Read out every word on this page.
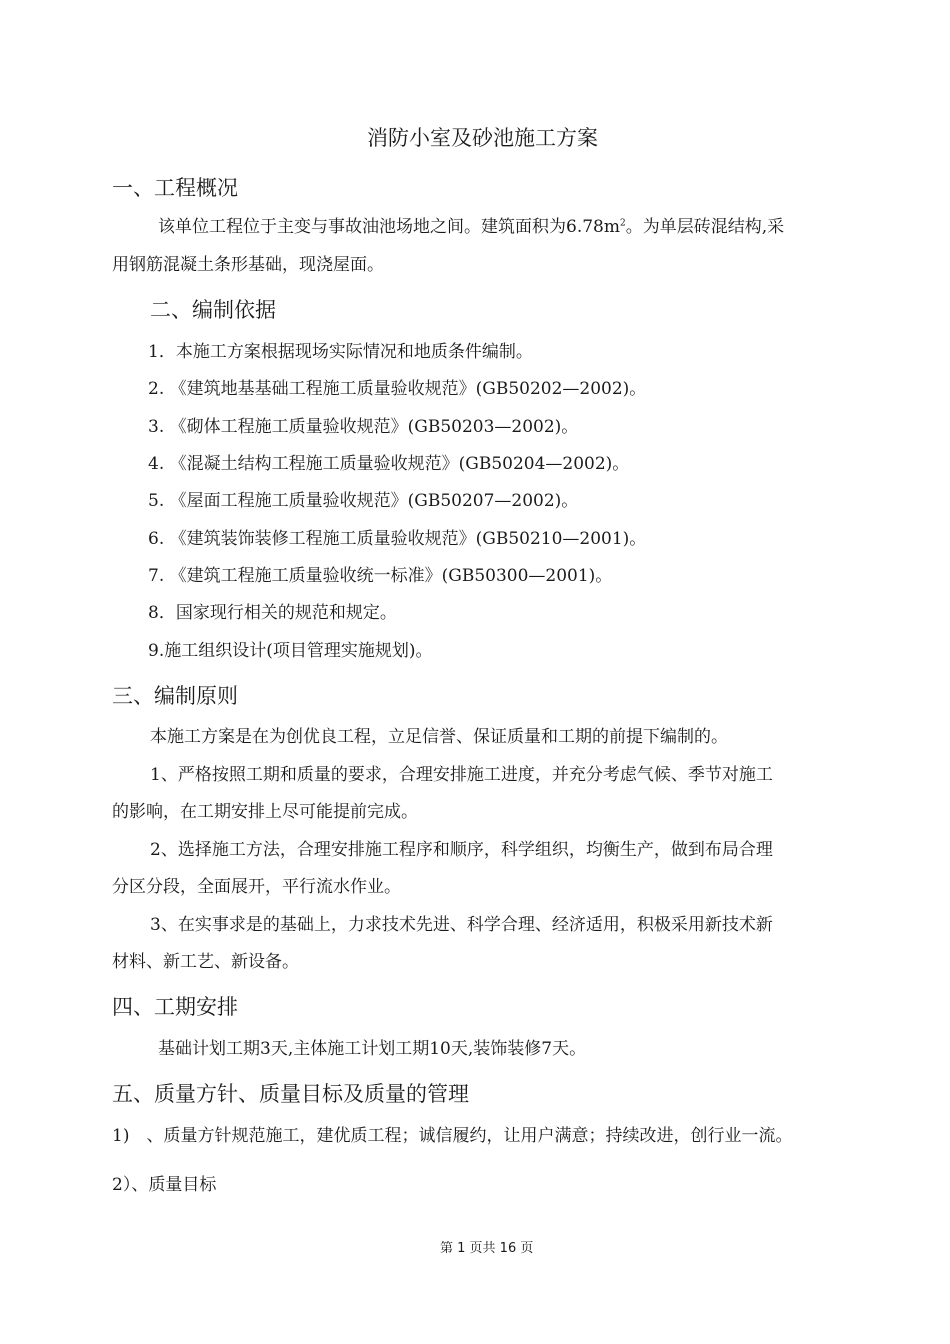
消防小室及砂池施工方案
一、工程概况
该单位工程位于主变与事故油池场地之间。建筑面积为$6.78m^2$。为单层砖混结构,采
用钢筋混凝土条形基础，现浇屋面。
二、编制依据
1．本施工方案根据现场实际情况和地质条件编制。
2. 《建筑地基基础工程施工质量验收规范》(GB50202—2002)。
3. 《砌体工程施工质量验收规范》(GB50203—2002)。
4. 《混凝土结构工程施工质量验收规范》(GB50204—2002)。
5. 《屋面工程施工质量验收规范》(GB50207—2002)。
6. 《建筑装饰装修工程施工质量验收规范》(GB50210—2001)。
7. 《建筑工程施工质量验收统一标准》(GB50300—2001)。
8．国家现行相关的规范和规定。
9.施工组织设计(项目管理实施规划)。
三、编制原则
本施工方案是在为创优良工程，立足信誉、保证质量和工期的前提下编制的。
1、严格按照工期和质量的要求，合理安排施工进度，并充分考虑气候、季节对施工
的影响，在工期安排上尽可能提前完成。
2、选择施工方法，合理安排施工程序和顺序，科学组织，均衡生产，做到布局合理
分区分段，全面展开，平行流水作业。
3、在实事求是的基础上，力求技术先进、科学合理、经济适用，积极采用新技术新
材料、新工艺、新设备。
四、工期安排
基础计划工期3天,主体施工计划工期10天,装饰装修7天。
五、质量方针、质量目标及质量的管理
1)　、质量方针规范施工，建优质工程；诚信履约，让用户满意；持续改进，创行业一流。
2）、质量目标
第 1 页共 16 页
